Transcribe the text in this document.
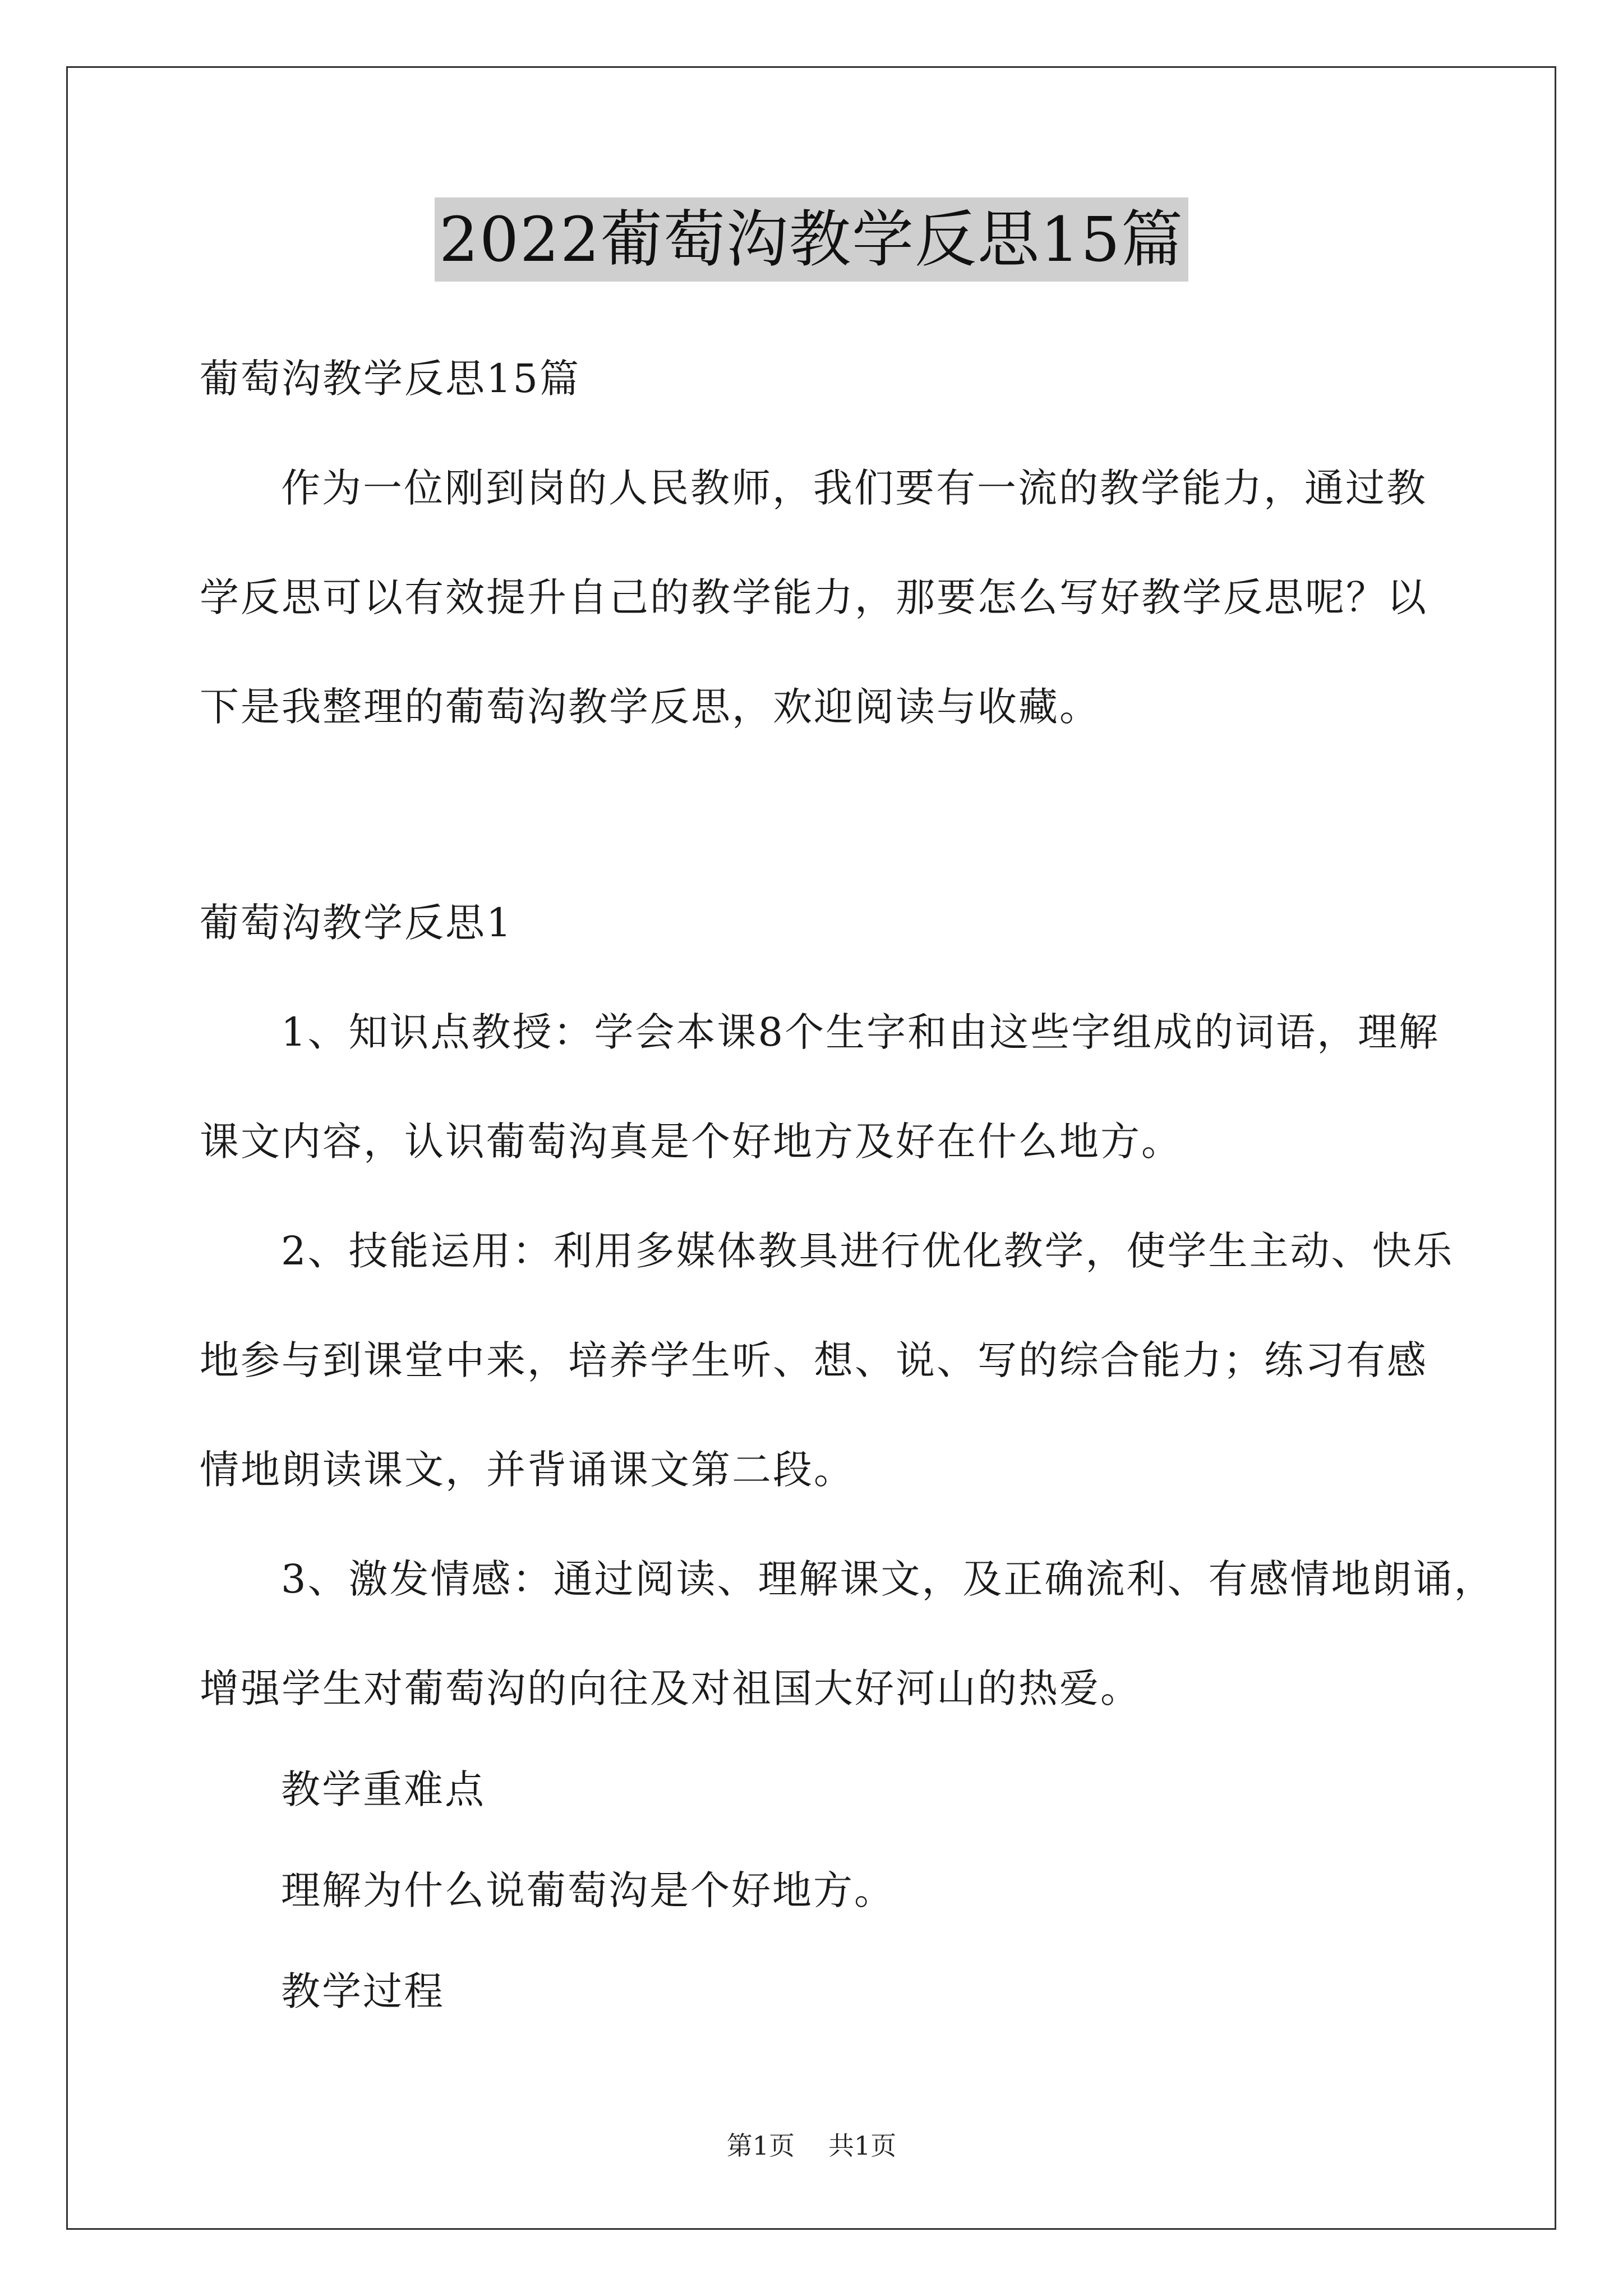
2022葡萄沟教学反思15篇
葡萄沟教学反思15篇
作为一位刚到岗的人民教师，我们要有一流的教学能力，通过教
学反思可以有效提升自己的教学能力，那要怎么写好教学反思呢？以
下是我整理的葡萄沟教学反思，欢迎阅读与收藏。
葡萄沟教学反思1
1、知识点教授：学会本课8个生字和由这些字组成的词语，理解
课文内容，认识葡萄沟真是个好地方及好在什么地方。
2、技能运用：利用多媒体教具进行优化教学，使学生主动、快乐
地参与到课堂中来，培养学生听、想、说、写的综合能力；练习有感
情地朗读课文，并背诵课文第二段。
3、激发情感：通过阅读、理解课文，及正确流利、有感情地朗诵，
增强学生对葡萄沟的向往及对祖国大好河山的热爱。
教学重难点
理解为什么说葡萄沟是个好地方。
教学过程
第1页 共1页
